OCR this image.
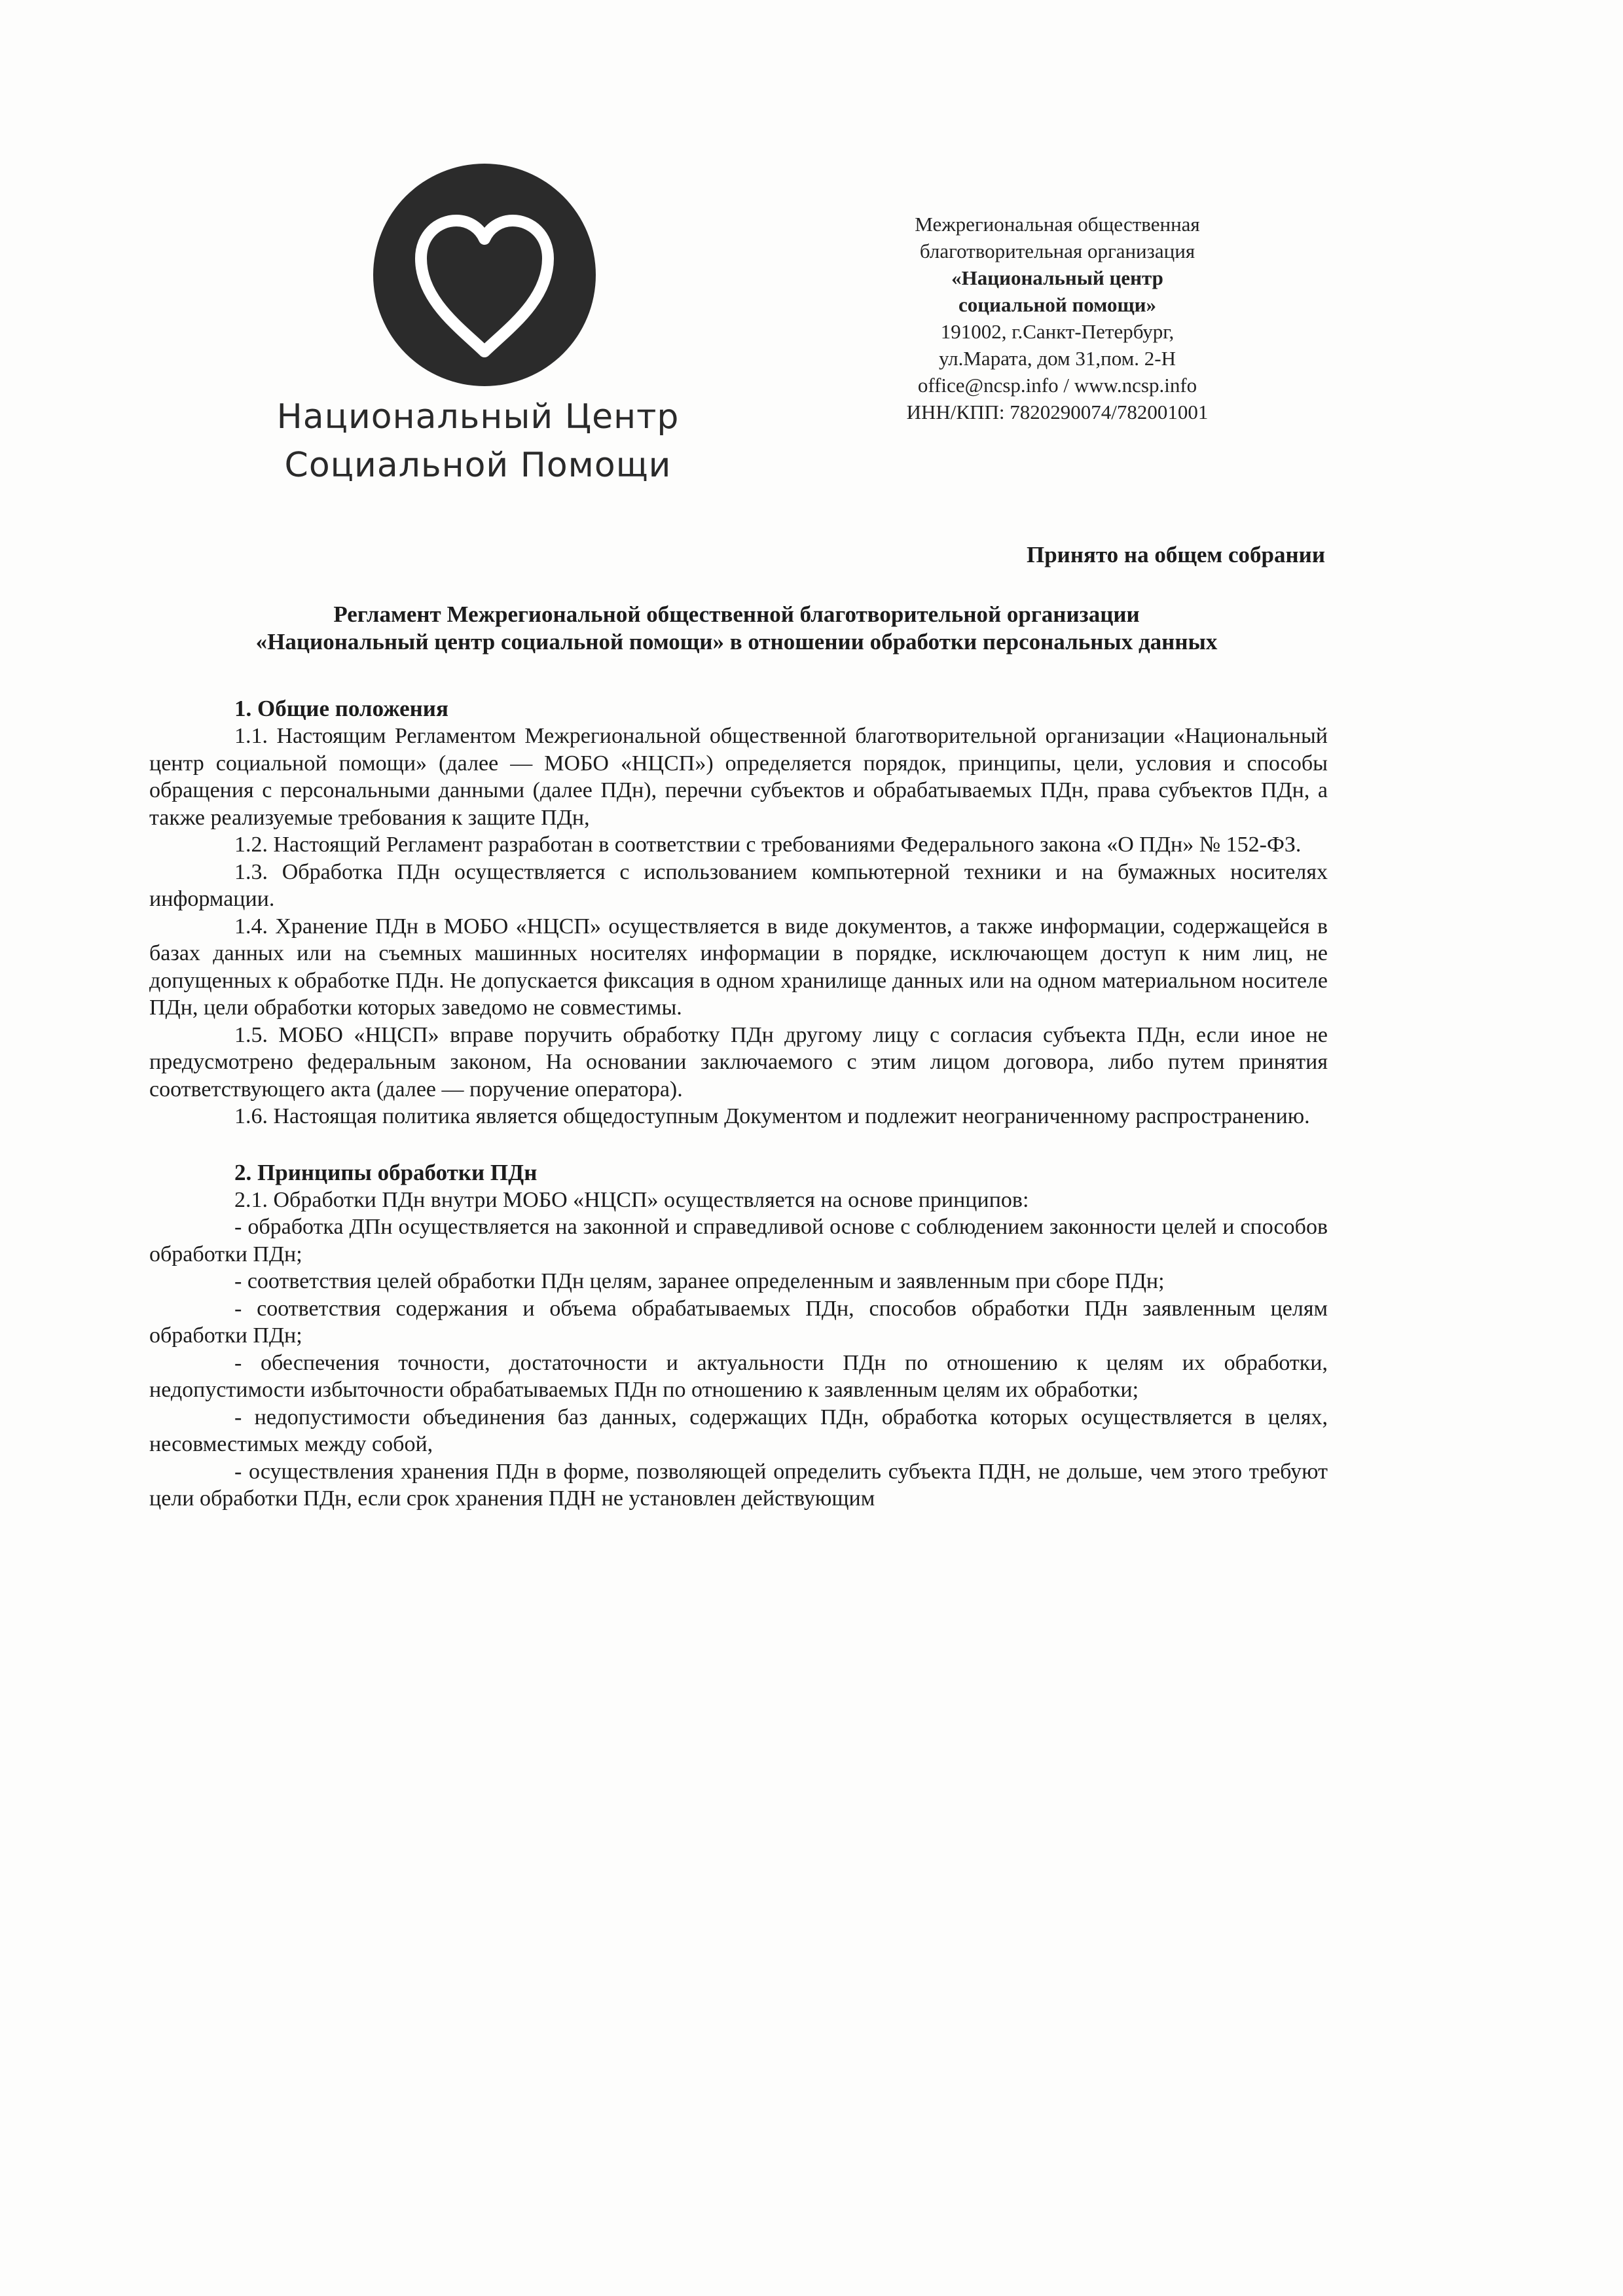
Национальный Центр
Социальной Помощи
Межрегиональная общественная
благотворительная организация
«Национальный центр
социальной помощи»
191002, г.Санкт-Петербург,
ул.Марата, дом 31,пом. 2-Н
office@ncsp.info / www.ncsp.info
ИНН/КПП: 7820290074/782001001
Принято на общем собрании
Регламент Межрегиональной общественной благотворительной организации
«Национальный центр социальной помощи» в отношении обработки персональных данных
1. Общие положения

1.1. Настоящим Регламентом Межрегиональной общественной благотворительной организации «Национальный центр социальной помощи» (далее — МОБО «НЦСП») определяется порядок, принципы, цели, условия и способы обращения с персональными данными (далее ПДн), перечни субъектов и обрабатываемых ПДн, права субъектов ПДн, а также реализуемые требования к защите ПДн,

1.2. Настоящий Регламент разработан в соответствии с требованиями Федерального закона «О ПДн» № 152-ФЗ.

1.3. Обработка ПДн осуществляется с использованием компьютерной техники и на бумажных носителях информации.

1.4. Хранение ПДн в МОБО «НЦСП» осуществляется в виде документов, а также информации, содержащейся в базах данных или на съемных машинных носителях информации в порядке, исключающем доступ к ним лиц, не допущенных к обработке ПДн. Не допускается фиксация в одном хранилище данных или на одном материальном носителе ПДн, цели обработки которых заведомо не совместимы.

1.5. МОБО «НЦСП» вправе поручить обработку ПДн другому лицу с согласия субъекта ПДн, если иное не предусмотрено федеральным законом, На основании заключаемого с этим лицом договора, либо путем принятия соответствующего акта (далее — поручение оператора).

1.6. Настоящая политика является общедоступным Документом и подлежит неограниченному распространению.

2. Принципы обработки ПДн

2.1. Обработки ПДн внутри МОБО «НЦСП» осуществляется на основе принципов:

- обработка ДПн осуществляется на законной и справедливой основе с соблюдением законности целей и способов обработки ПДн;

- соответствия целей обработки ПДн целям, заранее определенным и заявленным при сборе ПДн;

- соответствия содержания и объема обрабатываемых ПДн, способов обработки ПДн заявленным целям обработки ПДн;

- обеспечения точности, достаточности и актуальности ПДн по отношению к целям их обработки, недопустимости избыточности обрабатываемых ПДн по отношению к заявленным целям их обработки;

- недопустимости объединения баз данных, содержащих ПДн, обработка которых осуществляется в целях, несовместимых между собой,

- осуществления хранения ПДн в форме, позволяющей определить субъекта ПДН, не дольше, чем этого требуют цели обработки ПДн, если срок хранения ПДН не установлен действующим
